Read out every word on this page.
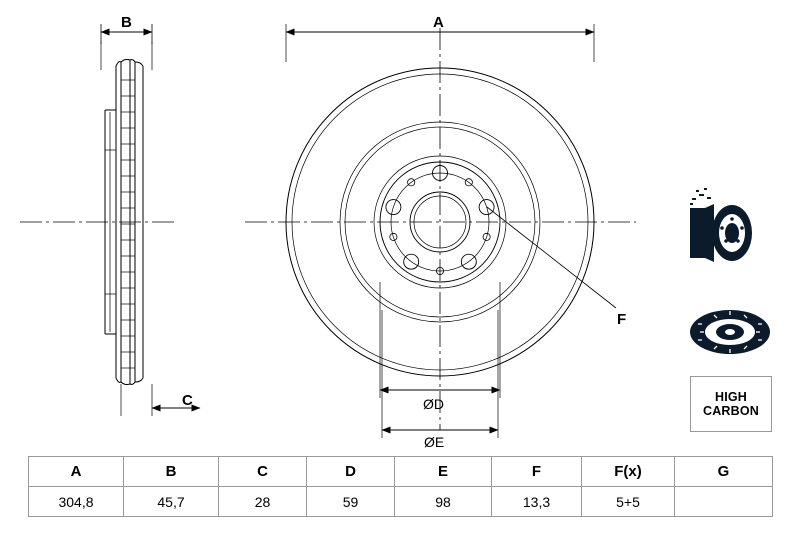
B
C
A
F
ØD
ØE
HIGH
CARBON
A	B	C	D	E	F	F(x)	G
304,8	45,7	28	59	98	13,3	5+5	
